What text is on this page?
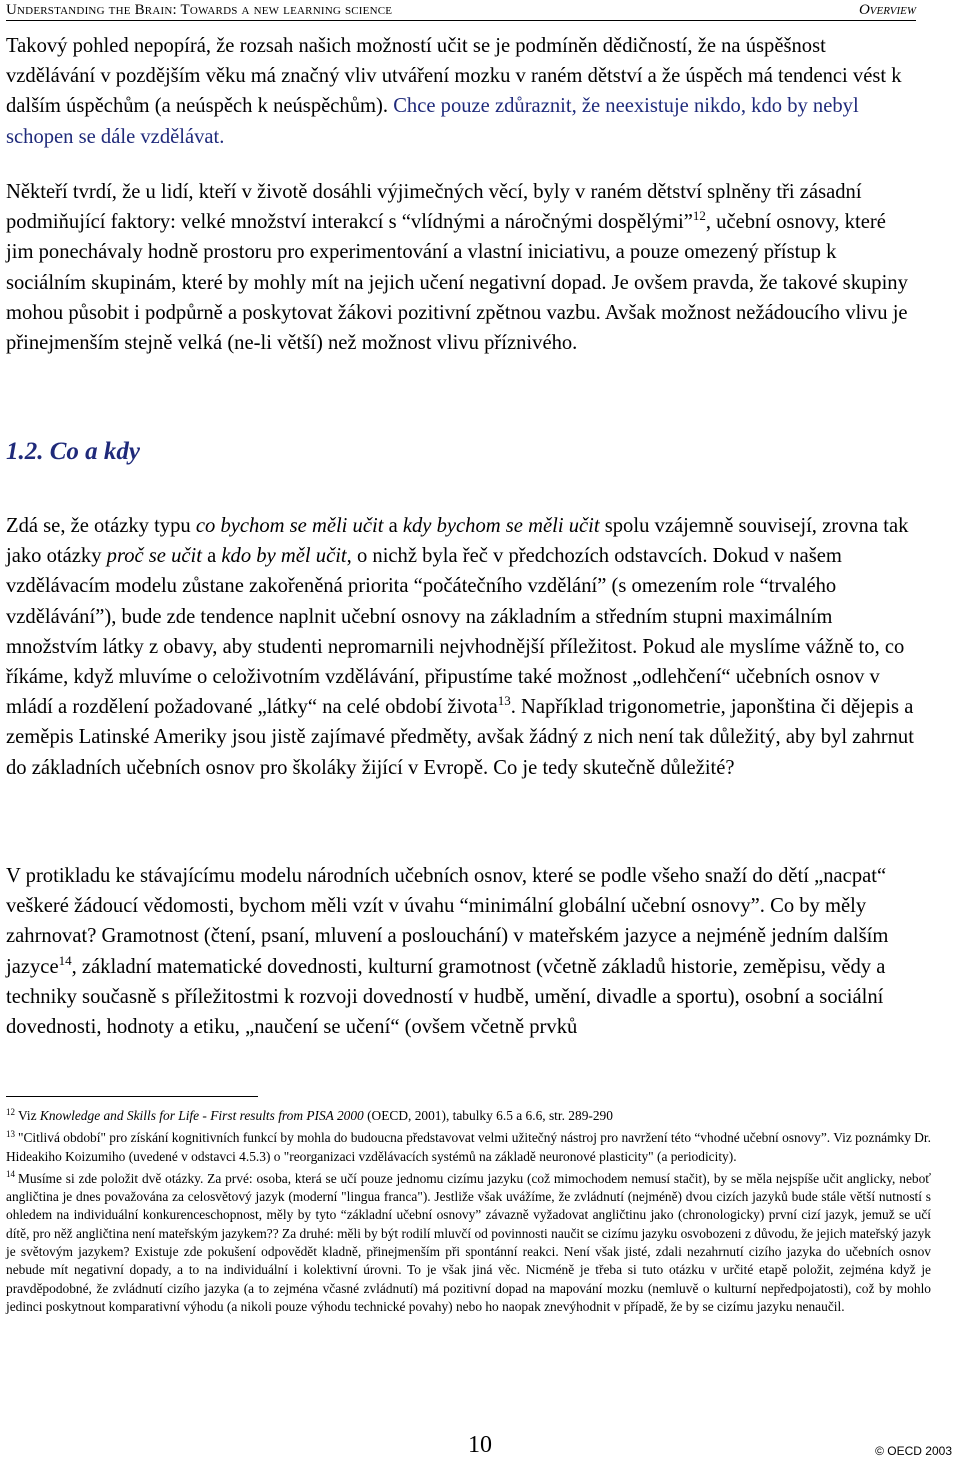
Understanding the Brain: Towards a new learning science	Overview

Takový pohled nepopírá, že rozsah našich možností učit se je podmíněn dědičností, že na úspěšnost vzdělávání v pozdějším věku má značný vliv utváření mozku v raném dětství a že úspěch má tendenci vést k dalším úspěchům (a neúspěch k neúspěchům). Chce pouze zdůraznit, že neexistuje nikdo, kdo by nebyl schopen se dále vzdělávat.

Někteří tvrdí, že u lidí, kteří v životě dosáhli výjimečných věcí, byly v raném dětství splněny tři zásadní podmiňující faktory: velké množství interakcí s “vlídnými a náročnými dospělými”$^{12}$, učební osnovy, které jim ponechávaly hodně prostoru pro experimentování a vlastní iniciativu, a pouze omezený přístup k sociálním skupinám, které by mohly mít na jejich učení negativní dopad. Je ovšem pravda, že takové skupiny mohou působit i podpůrně a poskytovat žákovi pozitivní zpětnou vazbu. Avšak možnost nežádoucího vlivu je přinejmenším stejně velká (ne-li větší) než možnost vlivu příznivého.

1.2. Co a kdy

Zdá se, že otázky typu co bychom se měli učit a kdy bychom se měli učit spolu vzájemně souvisejí, zrovna tak jako otázky proč se učit a kdo by měl učit, o nichž byla řeč v předchozích odstavcích. Dokud v našem vzdělávacím modelu zůstane zakořeněná priorita “počátečního vzdělání” (s omezením role “trvalého vzdělávání”), bude zde tendence naplnit učební osnovy na základním a středním stupni maximálním množstvím látky z obavy, aby studenti nepromarnili nejvhodnější příležitost. Pokud ale myslíme vážně to, co říkáme, když mluvíme o celoživotním vzdělávání, připustíme také možnost „odlehčení“ učebních osnov v mládí a rozdělení požadované „látky“ na celé období života$^{13}$. Například trigonometrie, japonština či dějepis a zeměpis Latinské Ameriky jsou jistě zajímavé předměty, avšak žádný z nich není tak důležitý, aby byl zahrnut do základních učebních osnov pro školáky žijící v Evropě. Co je tedy skutečně důležité?

V protikladu ke stávajícímu modelu národních učebních osnov, které se podle všeho snaží do dětí „nacpat“ veškeré žádoucí vědomosti, bychom měli vzít v úvahu “minimální globální učební osnovy”. Co by měly zahrnovat? Gramotnost (čtení, psaní, mluvení a poslouchání) v mateřském jazyce a nejméně jedním dalším jazyce$^{14}$, základní matematické dovednosti, kulturní gramotnost (včetně základů historie, zeměpisu, vědy a techniky současně s příležitostmi k rozvoji dovedností v hudbě, umění, divadle a sportu), osobní a sociální dovednosti, hodnoty a etiku, „naučení se učení“ (ovšem včetně prvků

$^{12}$ Viz Knowledge and Skills for Life - First results from PISA 2000 (OECD, 2001), tabulky 6.5 a 6.6, str. 289-290

$^{13}$ "Citlivá období" pro získání kognitivních funkcí by mohla do budoucna představovat velmi užitečný nástroj pro navržení této “vhodné učební osnovy”. Viz poznámky Dr. Hideakiho Koizumiho (uvedené v odstavci 4.5.3) o "reorganizaci vzdělávacích systémů na základě neuronové plasticity" (a periodicity).

$^{14}$ Musíme si zde položit dvě otázky. Za prvé: osoba, která se učí pouze jednomu cizímu jazyku (což mimochodem nemusí stačit), by se měla nejspíše učit anglicky, neboť angličtina je dnes považována za celosvětový jazyk (moderní "lingua franca"). Jestliže však uvážíme, že zvládnutí (nejméně) dvou cizích jazyků bude stále větší nutností s ohledem na individuální konkurenceschopnost, měly by tyto “základní učební osnovy” závazně vyžadovat angličtinu jako (chronologicky) první cizí jazyk, jemuž se učí dítě, pro něž angličtina není mateřským jazykem?? Za druhé: měli by být rodilí mluvčí od povinnosti naučit se cizímu jazyku osvobozeni z důvodu, že jejich mateřský jazyk je světovým jazykem? Existuje zde pokušení odpovědět kladně, přinejmenším při spontánní reakci. Není však jisté, zdali nezahrnutí cizího jazyka do učebních osnov nebude mít negativní dopady, a to na individuální i kolektivní úrovni. To je však jiná věc. Nicméně je třeba si tuto otázku v určité etapě položit, zejména když je pravděpodobné, že zvládnutí cizího jazyka (a to zejména včasné zvládnutí) má pozitivní dopad na mapování mozku (nemluvě o kulturní nepředpojatosti), což by mohlo jedinci poskytnout komparativní výhodu (a nikoli pouze výhodu technické povahy) nebo ho naopak znevýhodnit v případě, že by se cizímu jazyku nenaučil.

10	© OECD 2003
